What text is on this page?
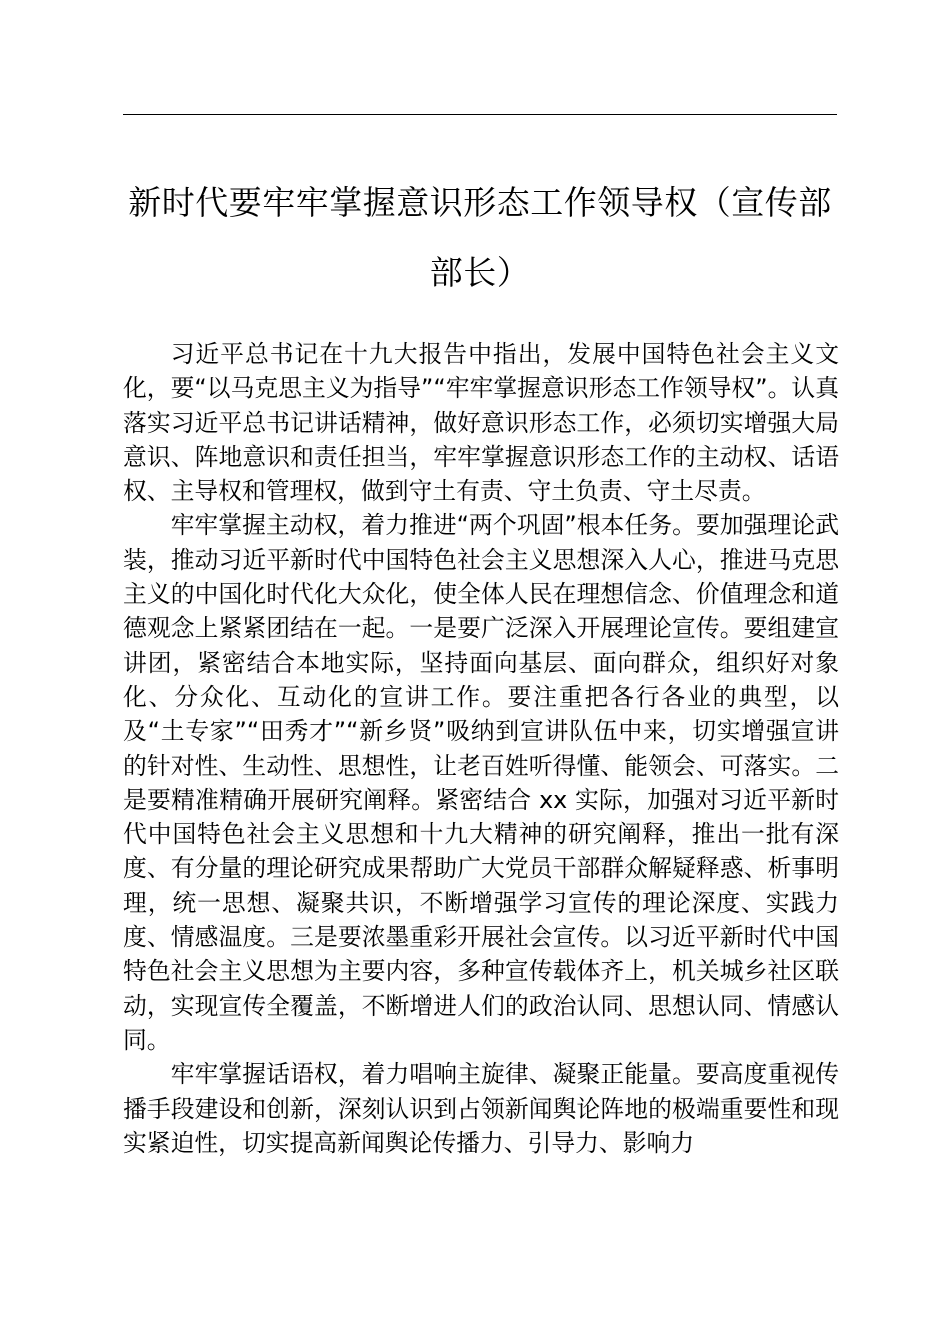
新时代要牢牢掌握意识形态工作领导权（宣传部部长）

习近平总书记在十九大报告中指出，发展中国特色社会主义文化，要“以马克思主义为指导”“牢牢掌握意识形态工作领导权”。认真落实习近平总书记讲话精神，做好意识形态工作，必须切实增强大局意识、阵地意识和责任担当，牢牢掌握意识形态工作的主动权、话语权、主导权和管理权，做到守土有责、守土负责、守土尽责。

牢牢掌握主动权，着力推进“两个巩固”根本任务。要加强理论武装，推动习近平新时代中国特色社会主义思想深入人心，推进马克思主义的中国化时代化大众化，使全体人民在理想信念、价值理念和道德观念上紧紧团结在一起。一是要广泛深入开展理论宣传。要组建宣讲团，紧密结合本地实际，坚持面向基层、面向群众，组织好对象化、分众化、互动化的宣讲工作。要注重把各行各业的典型，以及“土专家”“田秀才”“新乡贤”吸纳到宣讲队伍中来，切实增强宣讲的针对性、生动性、思想性，让老百姓听得懂、能领会、可落实。二是要精准精确开展研究阐释。紧密结合 xx 实际，加强对习近平新时代中国特色社会主义思想和十九大精神的研究阐释，推出一批有深度、有分量的理论研究成果帮助广大党员干部群众解疑释惑、析事明理，统一思想、凝聚共识，不断增强学习宣传的理论深度、实践力度、情感温度。三是要浓墨重彩开展社会宣传。以习近平新时代中国特色社会主义思想为主要内容，多种宣传载体齐上，机关城乡社区联动，实现宣传全覆盖，不断增进人们的政治认同、思想认同、情感认同。

牢牢掌握话语权，着力唱响主旋律、凝聚正能量。要高度重视传播手段建设和创新，深刻认识到占领新闻舆论阵地的极端重要性和现实紧迫性，切实提高新闻舆论传播力、引导力、影响力
